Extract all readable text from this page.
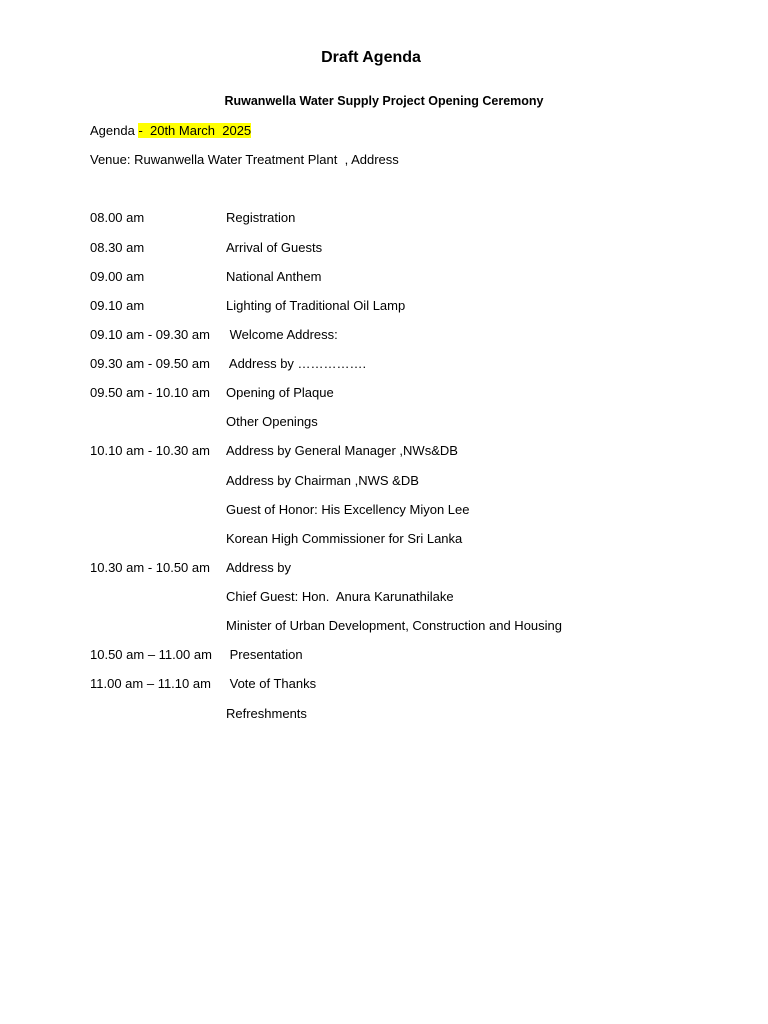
Draft Agenda
Ruwanwella Water Supply Project Opening Ceremony
Agenda -  20th March  2025
Venue: Ruwanwella Water Treatment Plant  , Address
08.00 am	Registration
08.30 am	Arrival of Guests
09.00 am	National Anthem
09.10 am	Lighting of Traditional Oil Lamp
09.10 am - 09.30 am Welcome Address:
09.30 am - 09.50 am Address by …………….
09.50 am - 10.10 am Opening of Plaque
Other Openings
10.10 am - 10.30 am Address by General Manager ,NWs&DB
Address by Chairman ,NWS &DB
Guest of Honor: His Excellency Miyon Lee
Korean High Commissioner for Sri Lanka
10.30 am - 10.50 am Address by
Chief Guest: Hon.  Anura Karunathilake
Minister of Urban Development, Construction and Housing
10.50 am – 11.00 am Presentation
11.00 am – 11.10 am Vote of Thanks
Refreshments
